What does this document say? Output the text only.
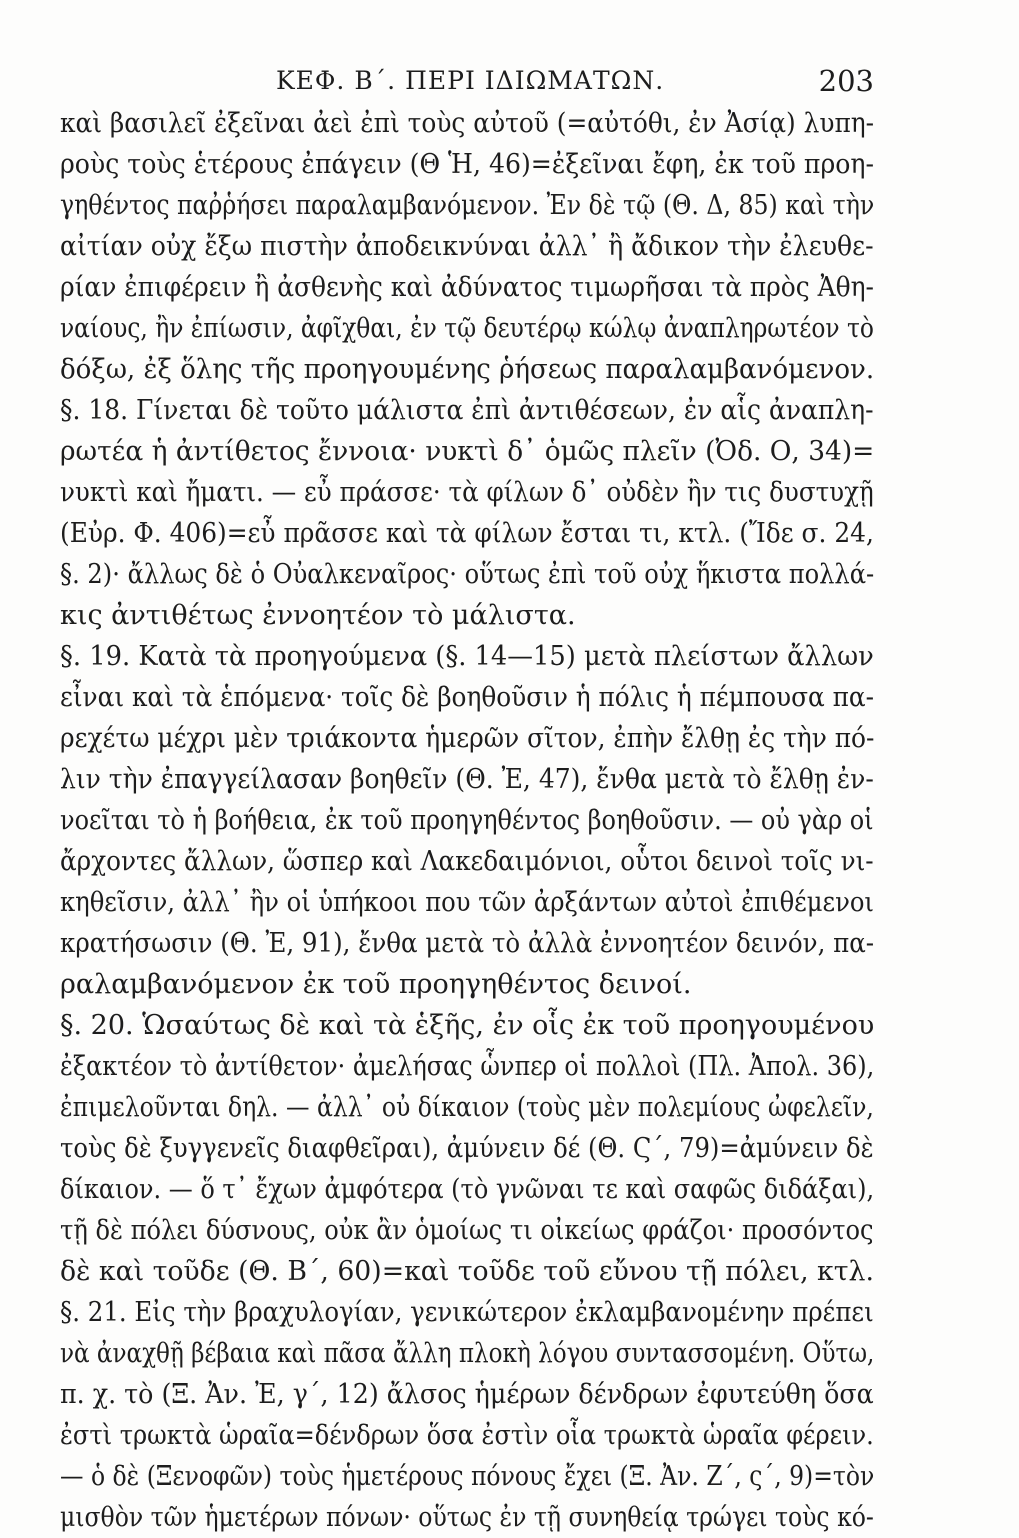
ΚΕΦ. Β΄. ΠΕΡΙ ΙΔΙΩΜΑΤΩΝ.	203
καὶ βασιλεῖ ἐξεῖναι ἀεὶ ἐπὶ τοὺς αὐτοῦ (=αὐτόθι, ἐν Ἀσίᾳ) λυπη-
ροὺς τοὺς ἑτέρους ἐπάγειν (Θ Ἡ, 46)=ἐξεῖναι ἔφη, ἐκ τοῦ προη-
γηθέντος παῤῥήσει παραλαμβανόμενον. Ἐν δὲ τῷ (Θ. Δ, 85) καὶ τὴν
αἰτίαν οὐχ ἔξω πιστὴν ἀποδεικνύναι ἀλλ᾽ ἢ ἄδικον τὴν ἐλευθε-
ρίαν ἐπιφέρειν ἢ ἀσθενὴς καὶ ἀδύνατος τιμωρῆσαι τὰ πρὸς Ἀθη-
ναίους, ἢν ἐπίωσιν, ἀφῖχθαι, ἐν τῷ δευτέρῳ κώλῳ ἀναπληρωτέον τὸ
δόξω, ἐξ ὅλης τῆς προηγουμένης ῥήσεως παραλαμβανόμενον.
§. 18. Γίνεται δὲ τοῦτο μάλιστα ἐπὶ ἀντιθέσεων, ἐν αἷς ἀναπλη-
ρωτέα ἡ ἀντίθετος ἔννοια· νυκτὶ δ᾽ ὁμῶς πλεῖν (Ὀδ. Ο, 34)=
νυκτὶ καὶ ἤματι. — εὖ πράσσε· τὰ φίλων δ᾽ οὐδὲν ἢν τις δυστυχῇ
(Εὐρ. Φ. 406)=εὖ πρᾶσσε καὶ τὰ φίλων ἔσται τι, κτλ. (Ἴδε σ. 24,
§. 2)· ἄλλως δὲ ὁ Οὐαλκεναῖρος· οὕτως ἐπὶ τοῦ οὐχ ἥκιστα πολλά-
κις ἀντιθέτως ἐννοητέον τὸ μάλιστα.
§. 19. Κατὰ τὰ προηγούμενα (§. 14—15) μετὰ πλείστων ἄλλων
εἶναι καὶ τὰ ἑπόμενα· τοῖς δὲ βοηθοῦσιν ἡ πόλις ἡ πέμπουσα πα-
ρεχέτω μέχρι μὲν τριάκοντα ἡμερῶν σῖτον, ἐπὴν ἔλθῃ ἐς τὴν πό-
λιν τὴν ἐπαγγείλασαν βοηθεῖν (Θ. Ἐ, 47), ἔνθα μετὰ τὸ ἔλθῃ ἐν-
νοεῖται τὸ ἡ βοήθεια, ἐκ τοῦ προηγηθέντος βοηθοῦσιν. — οὐ γὰρ οἱ
ἄρχοντες ἄλλων, ὥσπερ καὶ Λακεδαιμόνιοι, οὗτοι δεινοὶ τοῖς νι-
κηθεῖσιν, ἀλλ᾽ ἢν οἱ ὑπήκοοι που τῶν ἀρξάντων αὐτοὶ ἐπιθέμενοι
κρατήσωσιν (Θ. Ἐ, 91), ἔνθα μετὰ τὸ ἀλλὰ ἐννοητέον δεινόν, πα-
ραλαμβανόμενον ἐκ τοῦ προηγηθέντος δεινοί.
§. 20. Ὡσαύτως δὲ καὶ τὰ ἑξῆς, ἐν οἷς ἐκ τοῦ προηγουμένου
ἐξακτέον τὸ ἀντίθετον· ἀμελήσας ὧνπερ οἱ πολλοὶ (Πλ. Ἀπολ. 36),
ἐπιμελοῦνται δηλ. — ἀλλ᾽ οὐ δίκαιον (τοὺς μὲν πολεμίους ὠφελεῖν,
τοὺς δὲ ξυγγενεῖς διαφθεῖραι), ἀμύνειν δέ (Θ. Ϛ΄, 79)=ἀμύνειν δὲ
δίκαιον. — ὅ τ᾽ ἔχων ἀμφότερα (τὸ γνῶναι τε καὶ σαφῶς διδάξαι),
τῇ δὲ πόλει δύσνους, οὐκ ἂν ὁμοίως τι οἰκείως φράζοι· προσόντος
δὲ καὶ τοῦδε (Θ. Β΄, 60)=καὶ τοῦδε τοῦ εὔνου τῇ πόλει, κτλ.
§. 21. Εἰς τὴν βραχυλογίαν, γενικώτερον ἐκλαμβανομένην πρέπει
νὰ ἀναχθῇ βέβαια καὶ πᾶσα ἄλλη πλοκὴ λόγου συντασσομένη. Οὕτω,
π. χ. τὸ (Ξ. Ἀν. Ἐ, γ΄, 12) ἄλσος ἡμέρων δένδρων ἐφυτεύθη ὅσα
ἐστὶ τρωκτὰ ὡραῖα=δένδρων ὅσα ἐστὶν οἷα τρωκτὰ ὡραῖα φέρειν.
— ὁ δὲ (Ξενοφῶν) τοὺς ἡμετέρους πόνους ἔχει (Ξ. Ἀν. Ζ΄, ς΄, 9)=τὸν
μισθὸν τῶν ἡμετέρων πόνων· οὕτως ἐν τῇ συνηθείᾳ τρώγει τοὺς κό-
